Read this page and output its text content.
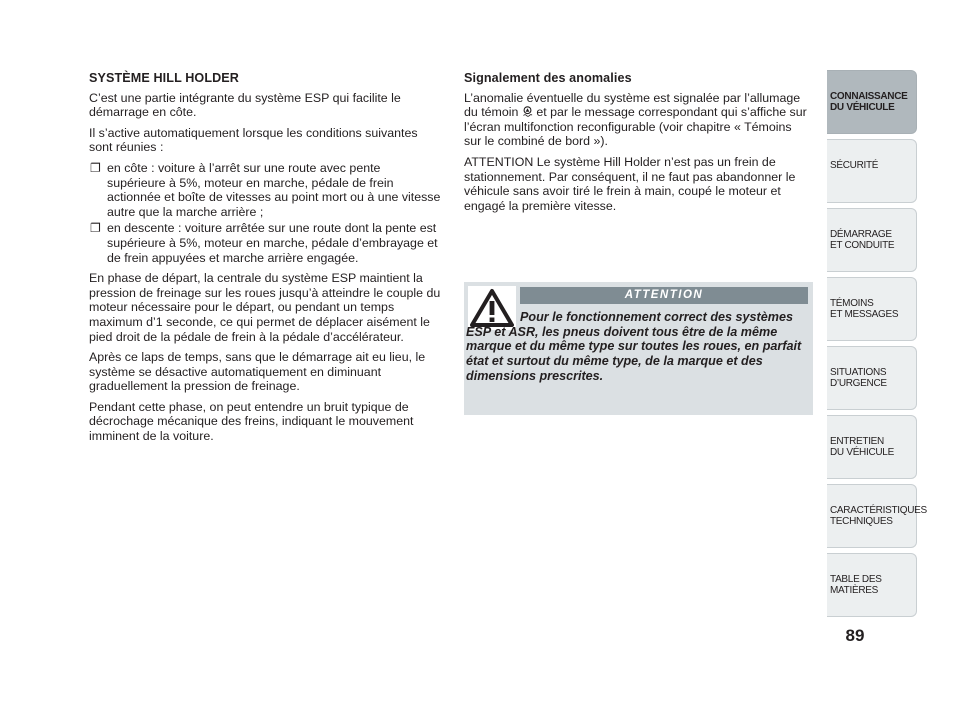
SYSTÈME HILL HOLDER

C’est une partie intégrante du système ESP qui facilite le démarrage en côte.

Il s’active automatiquement lorsque les conditions suivantes sont réunies :

❐ en côte : voiture à l’arrêt sur une route avec pente supérieure à 5%, moteur en marche, pédale de frein actionnée et boîte de vitesses au point mort ou à une vitesse autre que la marche arrière ;
❐ en descente : voiture arrêtée sur une route dont la pente est supérieure à 5%, moteur en marche, pédale d’embrayage et de frein appuyées et marche arrière engagée.

En phase de départ, la centrale du système ESP maintient la pression de freinage sur les roues jusqu’à atteindre le couple du moteur nécessaire pour le départ, ou pendant un temps maximum d’1 seconde, ce qui permet de déplacer aisément le pied droit de la pédale de frein à la pédale d’accélérateur.

Après ce laps de temps, sans que le démarrage ait eu lieu, le système se désactive automatiquement en diminuant graduellement la pression de freinage.

Pendant cette phase, on peut entendre un bruit typique de décrochage mécanique des freins, indiquant le mouvement imminent de la voiture.

Signalement des anomalies

L’anomalie éventuelle du système est signalée par l’allumage du témoin  et par le message correspondant qui s’affiche sur l’écran multifonction reconfigurable (voir chapitre « Témoins sur le combiné de bord »).

ATTENTION Le système Hill Holder n’est pas un frein de stationnement. Par conséquent, il ne faut pas abandonner le véhicule sans avoir tiré le frein à main, coupé le moteur et engagé la première vitesse.

ATTENTION
Pour le fonctionnement correct des systèmes ESP et ASR, les pneus doivent tous être de la même marque et du même type sur toutes les roues, en parfait état et surtout du même type, de la marque et des dimensions prescrites.
CONNAISSANCE
DU VÉHICULE
SÉCURITÉ
DÉMARRAGE
ET CONDUITE
TÉMOINS
ET MESSAGES
SITUATIONS
D’URGENCE
ENTRETIEN
DU VÉHICULE
CARACTÉRISTIQUES
TECHNIQUES
TABLE DES
MATIÈRES
89
